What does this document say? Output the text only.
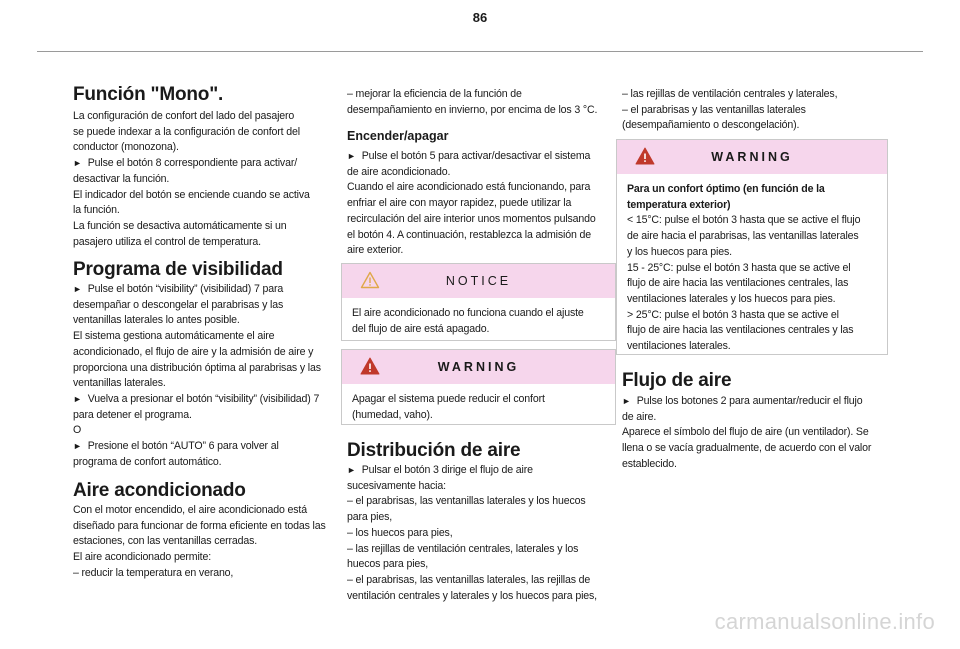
86
Función "Mono".
La configuración de confort del lado del pasajero
se puede indexar a la configuración de confort del
conductor (monozona).
► Pulse el botón 8 correspondiente para activar/
desactivar la función.
El indicador del botón se enciende cuando se activa
la función.
La función se desactiva automáticamente si un
pasajero utiliza el control de temperatura.
Programa de visibilidad
► Pulse el botón “visibility” (visibilidad) 7 para
desempañar o descongelar el parabrisas y las
ventanillas laterales lo antes posible.
El sistema gestiona automáticamente el aire
acondicionado, el flujo de aire y la admisión de aire y
proporciona una distribución óptima al parabrisas y las
ventanillas laterales.
► Vuelva a presionar el botón “visibility” (visibilidad) 7
para detener el programa.
O
► Presione el botón “AUTO” 6 para volver al
programa de confort automático.
Aire acondicionado
Con el motor encendido, el aire acondicionado está
diseñado para funcionar de forma eficiente en todas las
estaciones, con las ventanillas cerradas.
El aire acondicionado permite:
– reducir la temperatura en verano,
– mejorar la eficiencia de la función de
desempañamiento en invierno, por encima de los 3 °C.
Encender/apagar
► Pulse el botón 5 para activar/desactivar el sistema
de aire acondicionado.
Cuando el aire acondicionado está funcionando, para
enfriar el aire con mayor rapidez, puede utilizar la
recirculación del aire interior unos momentos pulsando
el botón 4. A continuación, restablezca la admisión de
aire exterior.
NOTICE
El aire acondicionado no funciona cuando el ajuste
del flujo de aire está apagado.
WARNING
Apagar el sistema puede reducir el confort
(humedad, vaho).
Distribución de aire
► Pulsar el botón 3 dirige el flujo de aire
sucesivamente hacia:
– el parabrisas, las ventanillas laterales y los huecos
para pies,
– los huecos para pies,
– las rejillas de ventilación centrales, laterales y los
huecos para pies,
– el parabrisas, las ventanillas laterales, las rejillas de
ventilación centrales y laterales y los huecos para pies,
– las rejillas de ventilación centrales y laterales,
– el parabrisas y las ventanillas laterales
(desempañamiento o descongelación).
WARNING
Para un confort óptimo (en función de la
temperatura exterior)
< 15°C: pulse el botón 3 hasta que se active el flujo
de aire hacia el parabrisas, las ventanillas laterales
y los huecos para pies.
15 - 25°C: pulse el botón 3 hasta que se active el
flujo de aire hacia las ventilaciones centrales, las
ventilaciones laterales y los huecos para pies.
> 25°C: pulse el botón 3 hasta que se active el
flujo de aire hacia las ventilaciones centrales y las
ventilaciones laterales.
Flujo de aire
► Pulse los botones 2 para aumentar/reducir el flujo
de aire.
Aparece el símbolo del flujo de aire (un ventilador). Se
llena o se vacía gradualmente, de acuerdo con el valor
establecido.
carmanualsonline.info
